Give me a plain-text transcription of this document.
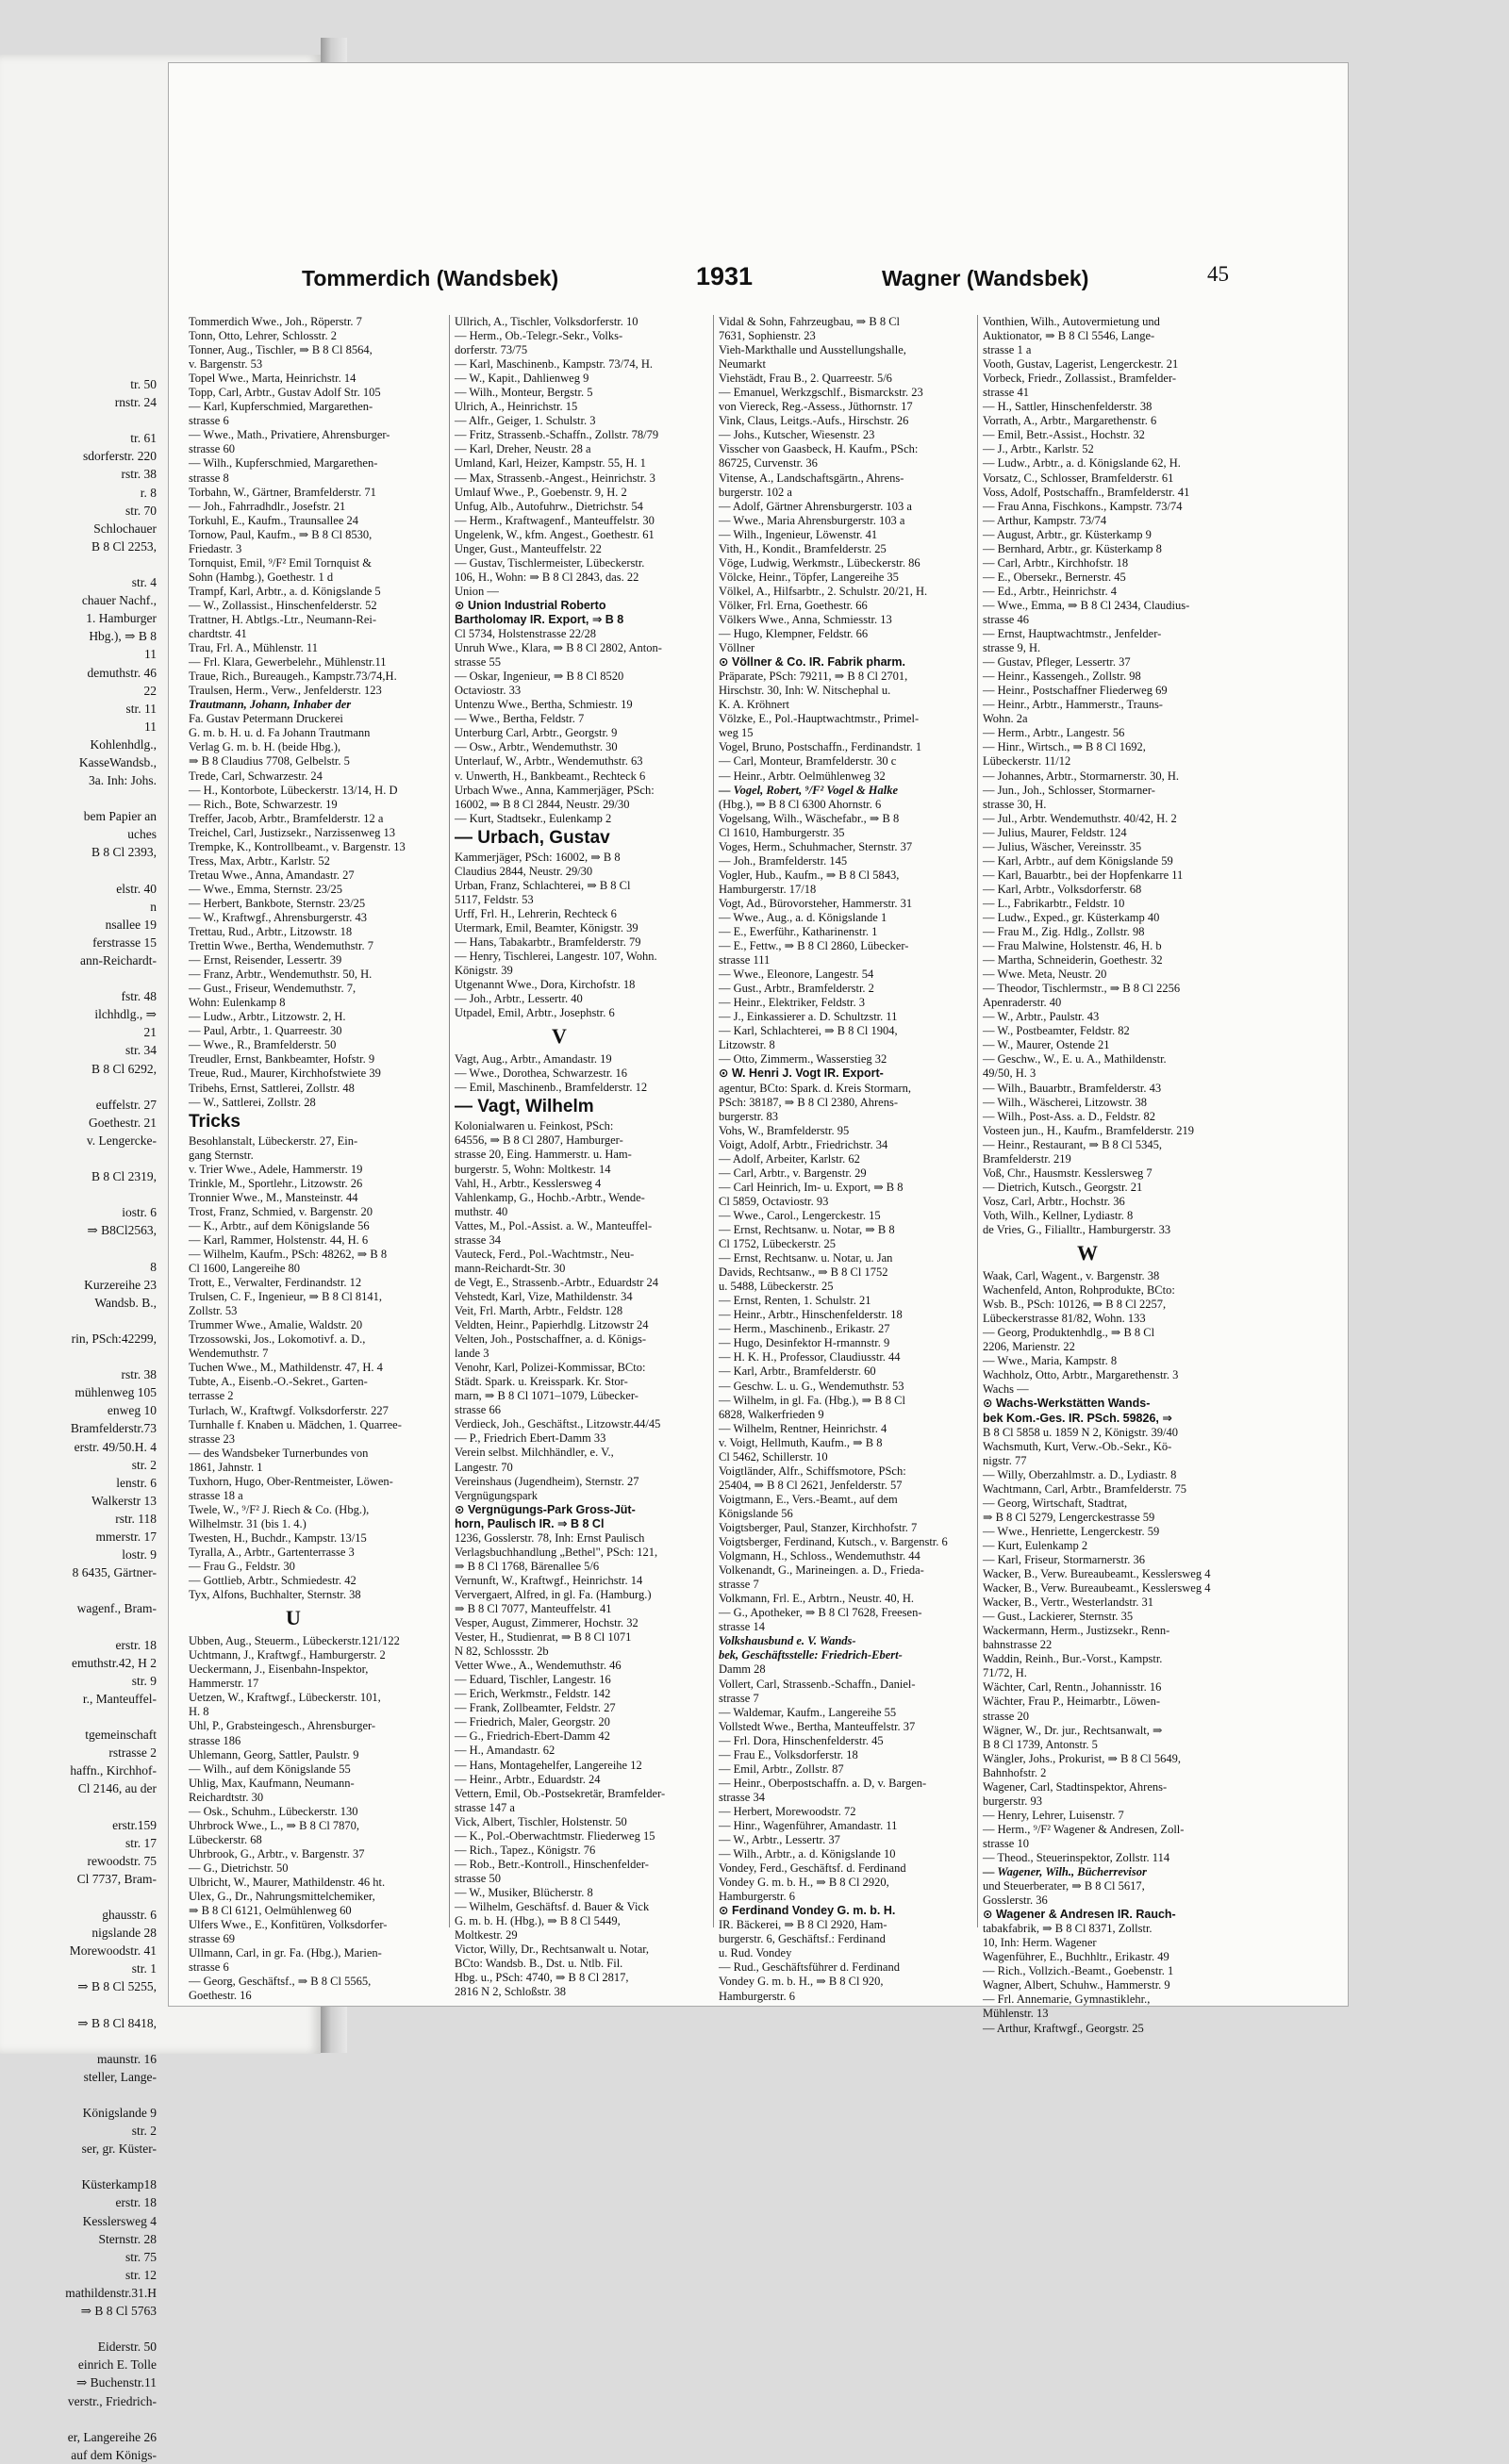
tr. 50
rnstr. 24
tr. 61
sdorferstr. 220
rstr. 38
r. 8
str. 70
Schlochauer
B 8 Cl 2253,
str. 4
chauer Nachf.,
1. Hamburger
Hbg.), ⇒ B 8
11
demuthstr. 46
22
str. 11
11
Kohlenhdlg.,
KasseWandsb.,
3a. Inh: Johs.
bem Papier an
uches
B 8 Cl 2393,
elstr. 40
n
nsallee 19
ferstrasse 15
ann-Reichardt-
fstr. 48
ilchhdlg., ⇒
21
str. 34
B 8 Cl 6292,
euffelstr. 27
Goethestr. 21
v. Lengercke-
B 8 Cl 2319,
iostr. 6
⇒ B8Cl2563,
8
Kurzereihe 23
Wandsb. B.,
rin, PSch:42299,
rstr. 38
mühlenweg 105
enweg 10
Bramfelderstr.73
erstr. 49/50.H. 4
str. 2
lenstr. 6
Walkerstr 13
rstr. 118
mmerstr. 17
lostr. 9
8 6435, Gärtner-
wagenf., Bram-
erstr. 18
emuthstr.42, H 2
str. 9
r., Manteuffel-
tgemeinschaft
rstrasse 2
haffn., Kirchhof-
Cl 2146, au der
erstr.159
str. 17
rewoodstr. 75
Cl 7737, Bram-
ghausstr. 6
nigslande 28
Morewoodstr. 41
str. 1
⇒ B 8 Cl 5255,
⇒ B 8 Cl 8418,
maunstr. 16
steller, Lange-
Königslande 9
str. 2
ser, gr. Küster-
Küsterkamp18
erstr. 18
Kesslersweg 4
Sternstr. 28
str. 75
str. 12
mathildenstr.31.H
⇒ B 8 Cl 5763
Eiderstr. 50
einrich E. Tolle
⇒ Buchenstr.11
verstr., Friedrich-
er, Langereihe 26
auf dem Königs-
Tommerdich (Wandsbek)	1931	Wagner (Wandsbek)	45
Tommerdich Wwe., Joh., Röperstr. 7
Tonn, Otto, Lehrer, Schlosstr. 2
Tonner, Aug., Tischler, ⇒ B 8 Cl 8564,
v. Bargenstr. 53
Topel Wwe., Marta, Heinrichstr. 14
Topp, Carl, Arbtr., Gustav Adolf Str. 105
— Karl, Kupferschmied, Margarethen-
strasse 6
— Wwe., Math., Privatiere, Ahrensburger-
strasse 60
— Wilh., Kupferschmied, Margarethen-
strasse 8
Torbahn, W., Gärtner, Bramfelderstr. 71
— Joh., Fahrradhdlr., Josefstr. 21
Torkuhl, E., Kaufm., Traunsallee 24
Tornow, Paul, Kaufm., ⇒ B 8 Cl 8530,
Friedastr. 3
Tornquist, Emil, ⁹/F² Emil Tornquist &
Sohn (Hambg.), Goethestr. 1 d
Trampf, Karl, Arbtr., a. d. Königslande 5
— W., Zollassist., Hinschenfelderstr. 52
Trattner, H. Abtlgs.-Ltr., Neumann-Rei-
chardtstr. 41
Trau, Frl. A., Mühlenstr. 11
— Frl. Klara, Gewerbelehr., Mühlenstr.11
Traue, Rich., Bureaugeh., Kampstr.73/74,H.
Traulsen, Herm., Verw., Jenfelderstr. 123
Trautmann, Johann, Inhaber der
Fa. Gustav Petermann Druckerei
G. m. b. H. u. d. Fa Johann Trautmann
Verlag G. m. b. H. (beide Hbg.),
⇒ B 8 Claudius 7708, Gelbelstr. 5
Trede, Carl, Schwarzestr. 24
— H., Kontorbote, Lübeckerstr. 13/14, H. D
— Rich., Bote, Schwarzestr. 19
Treffer, Jacob, Arbtr., Bramfelderstr. 12 a
Treichel, Carl, Justizsekr., Narzissenweg 13
Trempke, K., Kontrollbeamt., v. Bargenstr. 13
Tress, Max, Arbtr., Karlstr. 52
Tretau Wwe., Anna, Amandastr. 27
— Wwe., Emma, Sternstr. 23/25
— Herbert, Bankbote, Sternstr. 23/25
— W., Kraftwgf., Ahrensburgerstr. 43
Trettau, Rud., Arbtr., Litzowstr. 18
Trettin Wwe., Bertha, Wendemuthstr. 7
— Ernst, Reisender, Lessertr. 39
— Franz, Arbtr., Wendemuthstr. 50, H.
— Gust., Friseur, Wendemuthstr. 7,
Wohn: Eulenkamp 8
— Ludw., Arbtr., Litzowstr. 2, H.
— Paul, Arbtr., 1. Quarreestr. 30
— Wwe., R., Bramfelderstr. 50
Treudler, Ernst, Bankbeamter, Hofstr. 9
Treue, Rud., Maurer, Kirchhofstwiete 39
Tribehs, Ernst, Sattlerei, Zollstr. 48
— W., Sattlerei, Zollstr. 28
Tricks
Besohlanstalt, Lübeckerstr. 27, Ein-
gang Sternstr.
v. Trier Wwe., Adele, Hammerstr. 19
Trinkle, M., Sportlehr., Litzowstr. 26
Tronnier Wwe., M., Mansteinstr. 44
Trost, Franz, Schmied, v. Bargenstr. 20
— K., Arbtr., auf dem Königslande 56
— Karl, Rammer, Holstenstr. 44, H. 6
— Wilhelm, Kaufm., PSch: 48262, ⇒ B 8
Cl 1600, Langereihe 80
Trott, E., Verwalter, Ferdinandstr. 12
Trulsen, C. F., Ingenieur, ⇒ B 8 Cl 8141,
Zollstr. 53
Trummer Wwe., Amalie, Waldstr. 20
Trzossowski, Jos., Lokomotivf. a. D.,
Wendemuthstr. 7
Tuchen Wwe., M., Mathildenstr. 47, H. 4
Tubte, A., Eisenb.-O.-Sekret., Garten-
terrasse 2
Turlach, W., Kraftwgf. Volksdorferstr. 227
Turnhalle f. Knaben u. Mädchen, 1. Quarree-
strasse 23
— des Wandsbeker Turnerbundes von
1861, Jahnstr. 1
Tuxhorn, Hugo, Ober-Rentmeister, Löwen-
strasse 18 a
Twele, W., ⁹/F² J. Riech & Co. (Hbg.),
Wilhelmstr. 31 (bis 1. 4.)
Twesten, H., Buchdr., Kampstr. 13/15
Tyralla, A., Arbtr., Gartenterrasse 3
— Frau G., Feldstr. 30
— Gottlieb, Arbtr., Schmiedestr. 42
Tyx, Alfons, Buchhalter, Sternstr. 38
U
Ubben, Aug., Steuerm., Lübeckerstr.121/122
Uchtmann, J., Kraftwgf., Hamburgerstr. 2
Ueckermann, J., Eisenbahn-Inspektor,
Hammerstr. 17
Uetzen, W., Kraftwgf., Lübeckerstr. 101,
H. 8
Uhl, P., Grabsteingesch., Ahrensburger-
strasse 186
Uhlemann, Georg, Sattler, Paulstr. 9
— Wilh., auf dem Königslande 55
Uhlig, Max, Kaufmann, Neumann-
Reichardtstr. 30
— Osk., Schuhm., Lübeckerstr. 130
Uhrbrock Wwe., L., ⇒ B 8 Cl 7870,
Lübeckerstr. 68
Uhrbrook, G., Arbtr., v. Bargenstr. 37
— G., Dietrichstr. 50
Ulbricht, W., Maurer, Mathildenstr. 46 ht.
Ulex, G., Dr., Nahrungsmittelchemiker,
⇒ B 8 Cl 6121, Oelmühlenweg 60
Ulfers Wwe., E., Konfitüren, Volksdorfer-
strasse 69
Ullmann, Carl, in gr. Fa. (Hbg.), Marien-
strasse 6
— Georg, Geschäftsf., ⇒ B 8 Cl 5565,
Goethestr. 16
Ullrich, A., Tischler, Volksdorferstr. 10
— Herm., Ob.-Telegr.-Sekr., Volks-
dorferstr. 73/75
— Karl, Maschinenb., Kampstr. 73/74, H.
— W., Kapit., Dahlienweg 9
— Wilh., Monteur, Bergstr. 5
Ulrich, A., Heinrichstr. 15
— Alfr., Geiger, 1. Schulstr. 3
— Fritz, Strassenb.-Schaffn., Zollstr. 78/79
— Karl, Dreher, Neustr. 28 a
Umland, Karl, Heizer, Kampstr. 55, H. 1
— Max, Strassenb.-Angest., Heinrichstr. 3
Umlauf Wwe., P., Goebenstr. 9, H. 2
Unfug, Alb., Autofuhrw., Dietrichstr. 54
— Herm., Kraftwagenf., Manteuffelstr. 30
Ungelenk, W., kfm. Angest., Goethestr. 61
Unger, Gust., Manteuffelstr. 22
— Gustav, Tischlermeister, Lübeckerstr.
106, H., Wohn: ⇒ B 8 Cl 2843, das. 22
Union —
⊙ Union Industrial Roberto
Bartholomay IR. Export, ⇒ B 8
Cl 5734, Holstenstrasse 22/28
Unruh Wwe., Klara, ⇒ B 8 Cl 2802, Anton-
strasse 55
— Oskar, Ingenieur, ⇒ B 8 Cl 8520
Octaviostr. 33
Untenzu Wwe., Bertha, Schmiestr. 19
— Wwe., Bertha, Feldstr. 7
Unterburg Carl, Arbtr., Georgstr. 9
— Osw., Arbtr., Wendemuthstr. 30
Unterlauf, W., Arbtr., Wendemuthstr. 63
v. Unwerth, H., Bankbeamt., Rechteck 6
Urbach Wwe., Anna, Kammerjäger, PSch:
16002, ⇒ B 8 Cl 2844, Neustr. 29/30
— Kurt, Stadtsekr., Eulenkamp 2
— Urbach, Gustav
Kammerjäger, PSch: 16002, ⇒ B 8
Claudius 2844, Neustr. 29/30
Urban, Franz, Schlachterei, ⇒ B 8 Cl
5117, Feldstr. 53
Urff, Frl. H., Lehrerin, Rechteck 6
Utermark, Emil, Beamter, Königstr. 39
— Hans, Tabakarbtr., Bramfelderstr. 79
— Henry, Tischlerei, Langestr. 107, Wohn.
Königstr. 39
Utgenannt Wwe., Dora, Kirchofstr. 18
— Joh., Arbtr., Lessertr. 40
Utpadel, Emil, Arbtr., Josephstr. 6
V
Vagt, Aug., Arbtr., Amandastr. 19
— Wwe., Dorothea, Schwarzestr. 16
— Emil, Maschinenb., Bramfelderstr. 12
— Vagt, Wilhelm
Kolonialwaren u. Feinkost, PSch:
64556, ⇒ B 8 Cl 2807, Hamburger-
strasse 20, Eing. Hammerstr. u. Ham-
burgerstr. 5, Wohn: Moltkestr. 14
Vahl, H., Arbtr., Kesslersweg 4
Vahlenkamp, G., Hochb.-Arbtr., Wende-
muthstr. 40
Vattes, M., Pol.-Assist. a. W., Manteuffel-
strasse 34
Vauteck, Ferd., Pol.-Wachtmstr., Neu-
mann-Reichardt-Str. 30
de Vegt, E., Strassenb.-Arbtr., Eduardstr 24
Vehstedt, Karl, Vize, Mathildenstr. 34
Veit, Frl. Marth, Arbtr., Feldstr. 128
Veldten, Heinr., Papierhdlg. Litzowstr 24
Velten, Joh., Postschaffner, a. d. Königs-
lande 3
Venohr, Karl, Polizei-Kommissar, BCto:
Städt. Spark. u. Kreisspark. Kr. Stor-
marn, ⇒ B 8 Cl 1071–1079, Lübecker-
strasse 66
Verdieck, Joh., Geschäftst., Litzowstr.44/45
— P., Friedrich Ebert-Damm 33
Verein selbst. Milchhändler, e. V.,
Langestr. 70
Vereinshaus (Jugendheim), Sternstr. 27
Vergnügungspark
⊙ Vergnügungs-Park Gross-Jüt-
horn, Paulisch IR. ⇒ B 8 Cl
1236, Gosslerstr. 78, Inh: Ernst Paulisch
Verlagsbuchhandlung „Bethel", PSch: 121,
⇒ B 8 Cl 1768, Bärenallee 5/6
Vernunft, W., Kraftwgf., Heinrichstr. 14
Ververgaert, Alfred, in gl. Fa. (Hamburg.)
⇒ B 8 Cl 7077, Manteuffelstr. 41
Vesper, August, Zimmerer, Hochstr. 32
Vester, H., Studienrat, ⇒ B 8 Cl 1071
N 82, Schlossstr. 2b
Vetter Wwe., A., Wendemuthstr. 46
— Eduard, Tischler, Langestr. 16
— Erich, Werkmstr., Feldstr. 142
— Frank, Zollbeamter, Feldstr. 27
— Friedrich, Maler, Georgstr. 20
— G., Friedrich-Ebert-Damm 42
— H., Amandastr. 62
— Hans, Montagehelfer, Langereihe 12
— Heinr., Arbtr., Eduardstr. 24
Vettern, Emil, Ob.-Postsekretär, Bramfelder-
strasse 147 a
Vick, Albert, Tischler, Holstenstr. 50
— K., Pol.-Oberwachtmstr. Fliederweg 15
— Rich., Tapez., Königstr. 76
— Rob., Betr.-Kontroll., Hinschenfelder-
strasse 50
— W., Musiker, Blücherstr. 8
— Wilhelm, Geschäftsf. d. Bauer & Vick
G. m. b. H. (Hbg.), ⇒ B 8 Cl 5449,
Moltkestr. 29
Victor, Willy, Dr., Rechtsanwalt u. Notar,
BCto: Wandsb. B., Dst. u. Ntlb. Fil.
Hbg. u., PSch: 4740, ⇒ B 8 Cl 2817,
2816 N 2, Schloßstr. 38
Vidal & Sohn, Fahrzeugbau, ⇒ B 8 Cl
7631, Sophienstr. 23
Vieh-Markthalle und Ausstellungshalle,
Neumarkt
Viehstädt, Frau B., 2. Quarreestr. 5/6
— Emanuel, Werkzgschlf., Bismarckstr. 23
von Viereck, Reg.-Assess., Jüthornstr. 17
Vink, Claus, Leitgs.-Aufs., Hirschstr. 26
— Johs., Kutscher, Wiesenstr. 23
Visscher von Gaasbeck, H. Kaufm., PSch:
86725, Curvenstr. 36
Vitense, A., Landschaftsgärtn., Ahrens-
burgerstr. 102 a
— Adolf, Gärtner Ahrensburgerstr. 103 a
— Wwe., Maria Ahrensburgerstr. 103 a
— Wilh., Ingenieur, Löwenstr. 41
Vith, H., Kondit., Bramfelderstr. 25
Vöge, Ludwig, Werkmstr., Lübeckerstr. 86
Völcke, Heinr., Töpfer, Langereihe 35
Völkel, A., Hilfsarbtr., 2. Schulstr. 20/21, H.
Völker, Frl. Erna, Goethestr. 66
Völkers Wwe., Anna, Schmiesstr. 13
— Hugo, Klempner, Feldstr. 66
Völlner
⊙ Völlner & Co. IR. Fabrik pharm.
Präparate, PSch: 79211, ⇒ B 8 Cl 2701,
Hirschstr. 30, Inh: W. Nitschephal u.
K. A. Kröhnert
Völzke, E., Pol.-Hauptwachtmstr., Primel-
weg 15
Vogel, Bruno, Postschaffn., Ferdinandstr. 1
— Carl, Monteur, Bramfelderstr. 30 c
— Heinr., Arbtr. Oelmühlenweg 32
— Vogel, Robert, ⁹/F² Vogel & Halke
(Hbg.), ⇒ B 8 Cl 6300 Ahornstr. 6
Vogelsang, Wilh., Wäschefabr., ⇒ B 8
Cl 1610, Hamburgerstr. 35
Voges, Herm., Schuhmacher, Sternstr. 37
— Joh., Bramfelderstr. 145
Vogler, Hub., Kaufm., ⇒ B 8 Cl 5843,
Hamburgerstr. 17/18
Vogt, Ad., Bürovorsteher, Hammerstr. 31
— Wwe., Aug., a. d. Königslande 1
— E., Ewerführ., Katharinenstr. 1
— E., Fettw., ⇒ B 8 Cl 2860, Lübecker-
strasse 111
— Wwe., Eleonore, Langestr. 54
— Gust., Arbtr., Bramfelderstr. 2
— Heinr., Elektriker, Feldstr. 3
— J., Einkassierer a. D. Schultzstr. 11
— Karl, Schlachterei, ⇒ B 8 Cl 1904,
Litzowstr. 8
— Otto, Zimmerm., Wasserstieg 32
⊙ W. Henri J. Vogt IR. Export-
agentur, BCto: Spark. d. Kreis Stormarn,
PSch: 38187, ⇒ B 8 Cl 2380, Ahrens-
burgerstr. 83
Vohs, W., Bramfelderstr. 95
Voigt, Adolf, Arbtr., Friedrichstr. 34
— Adolf, Arbeiter, Karlstr. 62
— Carl, Arbtr., v. Bargenstr. 29
— Carl Heinrich, Im- u. Export, ⇒ B 8
Cl 5859, Octaviostr. 93
— Wwe., Carol., Lengerckestr. 15
— Ernst, Rechtsanw. u. Notar, ⇒ B 8
Cl 1752, Lübeckerstr. 25
— Ernst, Rechtsanw. u. Notar, u. Jan
Davids, Rechtsanw., ⇒ B 8 Cl 1752
u. 5488, Lübeckerstr. 25
— Ernst, Renten, 1. Schulstr. 21
— Heinr., Arbtr., Hinschenfelderstr. 18
— Herm., Maschinenb., Erikastr. 27
— Hugo, Desinfektor H-rmannstr. 9
— H. K. H., Professor, Claudiusstr. 44
— Karl, Arbtr., Bramfelderstr. 60
— Geschw. L. u. G., Wendemuthstr. 53
— Wilhelm, in gl. Fa. (Hbg.), ⇒ B 8 Cl
6828, Walkerfrieden 9
— Wilhelm, Rentner, Heinrichstr. 4
v. Voigt, Hellmuth, Kaufm., ⇒ B 8
Cl 5462, Schillerstr. 10
Voigtländer, Alfr., Schiffsmotore, PSch:
25404, ⇒ B 8 Cl 2621, Jenfelderstr. 57
Voigtmann, E., Vers.-Beamt., auf dem
Königslande 56
Voigtsberger, Paul, Stanzer, Kirchhofstr. 7
Voigtsberger, Ferdinand, Kutsch., v. Bargenstr. 6
Volgmann, H., Schloss., Wendemuthstr. 44
Volkenandt, G., Marineingen. a. D., Frieda-
strasse 7
Volkmann, Frl. E., Arbtrn., Neustr. 40, H.
— G., Apotheker, ⇒ B 8 Cl 7628, Freesen-
strasse 14
Volkshausbund e. V. Wands-
bek, Geschäftsstelle: Friedrich-Ebert-
Damm 28
Vollert, Carl, Strassenb.-Schaffn., Daniel-
strasse 7
— Waldemar, Kaufm., Langereihe 55
Vollstedt Wwe., Bertha, Manteuffelstr. 37
— Frl. Dora, Hinschenfelderstr. 45
— Frau E., Volksdorferstr. 18
— Emil, Arbtr., Zollstr. 87
— Heinr., Oberpostschaffn. a. D, v. Bargen-
strasse 34
— Herbert, Morewoodstr. 72
— Hinr., Wagenführer, Amandastr. 11
— W., Arbtr., Lessertr. 37
— Wilh., Arbtr., a. d. Königslande 10
Vondey, Ferd., Geschäftsf. d. Ferdinand
Vondey G. m. b. H., ⇒ B 8 Cl 2920,
Hamburgerstr. 6
⊙ Ferdinand Vondey G. m. b. H.
IR. Bäckerei, ⇒ B 8 Cl 2920, Ham-
burgerstr. 6, Geschäftsf.: Ferdinand
u. Rud. Vondey
— Rud., Geschäftsführer d. Ferdinand
Vondey G. m. b. H., ⇒ B 8 Cl 920,
Hamburgerstr. 6
Vonthien, Wilh., Autovermietung und
Auktionator, ⇒ B 8 Cl 5546, Lange-
strasse 1 a
Vooth, Gustav, Lagerist, Lengerckestr. 21
Vorbeck, Friedr., Zollassist., Bramfelder-
strasse 41
— H., Sattler, Hinschenfelderstr. 38
Vorrath, A., Arbtr., Margarethenstr. 6
— Emil, Betr.-Assist., Hochstr. 32
— J., Arbtr., Karlstr. 52
— Ludw., Arbtr., a. d. Königslande 62, H.
Vorsatz, C., Schlosser, Bramfelderstr. 61
Voss, Adolf, Postschaffn., Bramfelderstr. 41
— Frau Anna, Fischkons., Kampstr. 73/74
— Arthur, Kampstr. 73/74
— August, Arbtr., gr. Küsterkamp 9
— Bernhard, Arbtr., gr. Küsterkamp 8
— Carl, Arbtr., Kirchhofstr. 18
— E., Obersekr., Bernerstr. 45
— Ed., Arbtr., Heinrichstr. 4
— Wwe., Emma, ⇒ B 8 Cl 2434, Claudius-
strasse 46
— Ernst, Hauptwachtmstr., Jenfelder-
strasse 9, H.
— Gustav, Pfleger, Lessertr. 37
— Heinr., Kassengeh., Zollstr. 98
— Heinr., Postschaffner Fliederweg 69
— Heinr., Arbtr., Hammerstr., Trauns-
Wohn. 2a
— Herm., Arbtr., Langestr. 56
— Hinr., Wirtsch., ⇒ B 8 Cl 1692,
Lübeckerstr. 11/12
— Johannes, Arbtr., Stormarnerstr. 30, H.
— Jun., Joh., Schlosser, Stormarner-
strasse 30, H.
— Jul., Arbtr. Wendemuthstr. 40/42, H. 2
— Julius, Maurer, Feldstr. 124
— Julius, Wäscher, Vereinsstr. 35
— Karl, Arbtr., auf dem Königslande 59
— Karl, Bauarbtr., bei der Hopfenkarre 11
— Karl, Arbtr., Volksdorferstr. 68
— L., Fabrikarbtr., Feldstr. 10
— Ludw., Exped., gr. Küsterkamp 40
— Frau M., Zig. Hdlg., Zollstr. 98
— Frau Malwine, Holstenstr. 46, H. b
— Martha, Schneiderin, Goethestr. 32
— Wwe. Meta, Neustr. 20
— Theodor, Tischlermstr., ⇒ B 8 Cl 2256
Apenraderstr. 40
— W., Arbtr., Paulstr. 43
— W., Postbeamter, Feldstr. 82
— W., Maurer, Ostende 21
— Geschw., W., E. u. A., Mathildenstr.
49/50, H. 3
— Wilh., Bauarbtr., Bramfelderstr. 43
— Wilh., Wäscherei, Litzowstr. 38
— Wilh., Post-Ass. a. D., Feldstr. 82
Vosteen jun., H., Kaufm., Bramfelderstr. 219
— Heinr., Restaurant, ⇒ B 8 Cl 5345,
Bramfelderstr. 219
Voß, Chr., Hausmstr. Kesslersweg 7
— Dietrich, Kutsch., Georgstr. 21
Vosz, Carl, Arbtr., Hochstr. 36
Voth, Wilh., Kellner, Lydiastr. 8
de Vries, G., Filialltr., Hamburgerstr. 33
W
Waak, Carl, Wagent., v. Bargenstr. 38
Wachenfeld, Anton, Rohprodukte, BCto:
Wsb. B., PSch: 10126, ⇒ B 8 Cl 2257,
Lübeckerstrasse 81/82, Wohn. 133
— Georg, Produktenhdlg., ⇒ B 8 Cl
2206, Marienstr. 22
— Wwe., Maria, Kampstr. 8
Wachholz, Otto, Arbtr., Margarethenstr. 3
Wachs —
⊙ Wachs-Werkstätten Wands-
bek Kom.-Ges. IR. PSch. 59826, ⇒
B 8 Cl 5858 u. 1859 N 2, Königstr. 39/40
Wachsmuth, Kurt, Verw.-Ob.-Sekr., Kö-
nigstr. 77
— Willy, Oberzahlmstr. a. D., Lydiastr. 8
Wachtmann, Carl, Arbtr., Bramfelderstr. 75
— Georg, Wirtschaft, Stadtrat,
⇒ B 8 Cl 5279, Lengerckestrasse 59
— Wwe., Henriette, Lengerckestr. 59
— Kurt, Eulenkamp 2
— Karl, Friseur, Stormarnerstr. 36
Wacker, B., Verw. Bureaubeamt., Kesslersweg 4
Wacker, B., Verw. Bureaubeamt., Kesslersweg 4
Wacker, B., Vertr., Westerlandstr. 31
— Gust., Lackierer, Sternstr. 35
Wackermann, Herm., Justizsekr., Renn-
bahnstrasse 22
Waddin, Reinh., Bur.-Vorst., Kampstr.
71/72, H.
Wächter, Carl, Rentn., Johannisstr. 16
Wächter, Frau P., Heimarbtr., Löwen-
strasse 20
Wägner, W., Dr. jur., Rechtsanwalt, ⇒
B 8 Cl 1739, Antonstr. 5
Wängler, Johs., Prokurist, ⇒ B 8 Cl 5649,
Bahnhofstr. 2
Wagener, Carl, Stadtinspektor, Ahrens-
burgerstr. 93
— Henry, Lehrer, Luisenstr. 7
— Herm., ⁹/F² Wagener & Andresen, Zoll-
strasse 10
— Theod., Steuerinspektor, Zollstr. 114
— Wagener, Wilh., Bücherrevisor
und Steuerberater, ⇒ B 8 Cl 5617,
Gosslerstr. 36
⊙ Wagener & Andresen IR. Rauch-
tabakfabrik, ⇒ B 8 Cl 8371, Zollstr.
10, Inh: Herm. Wagener
Wagenführer, E., Buchhltr., Erikastr. 49
— Rich., Vollzich.-Beamt., Goebenstr. 1
Wagner, Albert, Schuhw., Hammerstr. 9
— Frl. Annemarie, Gymnastiklehr.,
Mühlenstr. 13
— Arthur, Kraftwgf., Georgstr. 25
